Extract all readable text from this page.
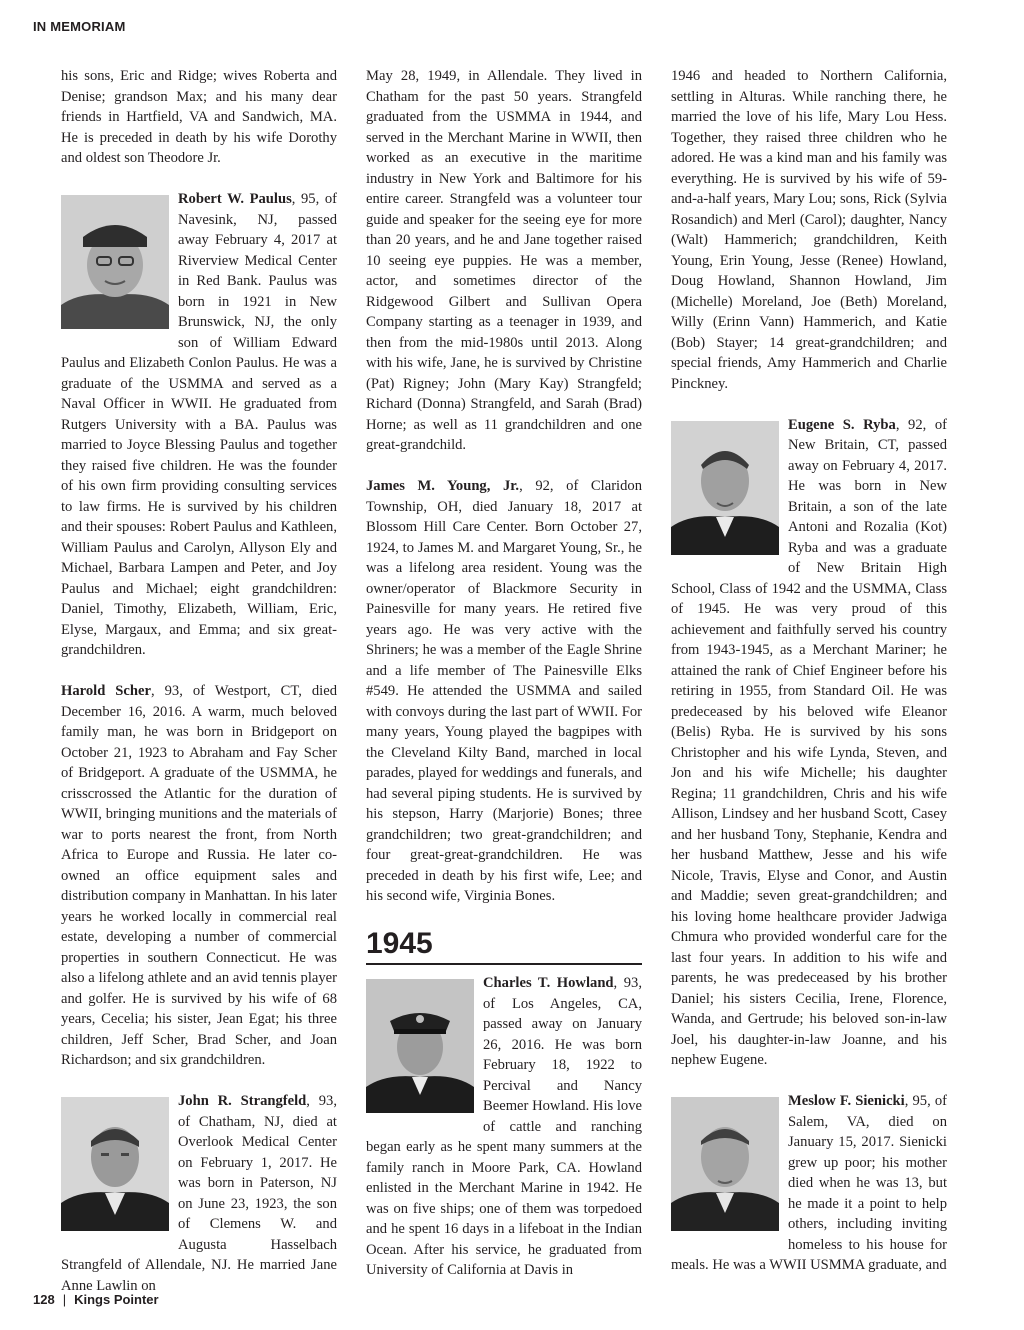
IN MEMORIAM

his sons, Eric and Ridge; wives Roberta and Denise; grandson Max; and his many dear friends in Hartfield, VA and Sandwich, MA. He is preceded in death by his wife Dorothy and oldest son Theodore Jr.

Robert W. Paulus, 95, of Navesink, NJ, passed away February 4, 2017 at Riverview Medical Center in Red Bank. Paulus was born in 1921 in New Brunswick, NJ, the only son of William Edward Paulus and Elizabeth Conlon Paulus. He was a graduate of the USMMA and served as a Naval Officer in WWII. He graduated from Rutgers University with a BA. Paulus was married to Joyce Blessing Paulus and together they raised five children. He was the founder of his own firm providing consulting services to law firms. He is survived by his children and their spouses: Robert Paulus and Kathleen, William Paulus and Carolyn, Allyson Ely and Michael, Barbara Lampen and Peter, and Joy Paulus and Michael; eight grandchildren: Daniel, Timothy, Elizabeth, William, Eric, Elyse, Margaux, and Emma; and six great-grandchildren.

Harold Scher, 93, of Westport, CT, died December 16, 2016. A warm, much beloved family man, he was born in Bridgeport on October 21, 1923 to Abraham and Fay Scher of Bridgeport. A graduate of the USMMA, he crisscrossed the Atlantic for the duration of WWII, bringing munitions and the materials of war to ports nearest the front, from North Africa to Europe and Russia. He later co-owned an office equipment sales and distribution company in Manhattan. In his later years he worked locally in commercial real estate, developing a number of commercial properties in southern Connecticut. He was also a lifelong athlete and an avid tennis player and golfer. He is survived by his wife of 68 years, Cecelia; his sister, Jean Egat; his three children, Jeff Scher, Brad Scher, and Joan Richardson; and six grandchildren.

John R. Strangfeld, 93, of Chatham, NJ, died at Overlook Medical Center on February 1, 2017. He was born in Paterson, NJ on June 23, 1923, the son of Clemens W. and Augusta Hasselbach Strangfeld of Allendale, NJ. He married Jane Anne Lawlin on

May 28, 1949, in Allendale. They lived in Chatham for the past 50 years. Strangfeld graduated from the USMMA in 1944, and served in the Merchant Marine in WWII, then worked as an executive in the maritime industry in New York and Baltimore for his entire career. Strangfeld was a volunteer tour guide and speaker for the seeing eye for more than 20 years, and he and Jane together raised 10 seeing eye puppies. He was a member, actor, and sometimes director of the Ridgewood Gilbert and Sullivan Opera Company starting as a teenager in 1939, and then from the mid-1980s until 2013. Along with his wife, Jane, he is survived by Christine (Pat) Rigney; John (Mary Kay) Strangfeld; Richard (Donna) Strangfeld, and Sarah (Brad) Horne; as well as 11 grandchildren and one great-grandchild.

James M. Young, Jr., 92, of Claridon Township, OH, died January 18, 2017 at Blossom Hill Care Center. Born October 27, 1924, to James M. and Margaret Young, Sr., he was a lifelong area resident. Young was the owner/operator of Blackmore Security in Painesville for many years. He retired five years ago. He was very active with the Shriners; he was a member of the Eagle Shrine and a life member of The Painesville Elks #549. He attended the USMMA and sailed with convoys during the last part of WWII. For many years, Young played the bagpipes with the Cleveland Kilty Band, marched in local parades, played for weddings and funerals, and had several piping students. He is survived by his stepson, Harry (Marjorie) Bones; three grandchildren; two great-grandchildren; and four great-great-grandchildren. He was preceded in death by his first wife, Lee; and his second wife, Virginia Bones.

1945

Charles T. Howland, 93, of Los Angeles, CA, passed away on January 26, 2016. He was born February 18, 1922 to Percival and Nancy Beemer Howland. His love of cattle and ranching began early as he spent many summers at the family ranch in Moore Park, CA. Howland enlisted in the Merchant Marine in 1942. He was on five ships; one of them was torpedoed and he spent 16 days in a lifeboat in the Indian Ocean. After his service, he graduated from University of California at Davis in

1946 and headed to Northern California, settling in Alturas. While ranching there, he married the love of his life, Mary Lou Hess. Together, they raised three children who he adored. He was a kind man and his family was everything. He is survived by his wife of 59-and-a-half years, Mary Lou; sons, Rick (Sylvia Rosandich) and Merl (Carol); daughter, Nancy (Walt) Hammerich; grandchildren, Keith Young, Erin Young, Jesse (Renee) Howland, Doug Howland, Shannon Howland, Jim (Michelle) Moreland, Joe (Beth) Moreland, Willy (Erinn Vann) Hammerich, and Katie (Bob) Stayer; 14 great-grandchildren; and special friends, Amy Hammerich and Charlie Pinckney.

Eugene S. Ryba, 92, of New Britain, CT, passed away on February 4, 2017. He was born in New Britain, a son of the late Antoni and Rozalia (Kot) Ryba and was a graduate of New Britain High School, Class of 1942 and the USMMA, Class of 1945. He was very proud of this achievement and faithfully served his country from 1943-1945, as a Merchant Mariner; he attained the rank of Chief Engineer before his retiring in 1955, from Standard Oil. He was predeceased by his beloved wife Eleanor (Belis) Ryba. He is survived by his sons Christopher and his wife Lynda, Steven, and Jon and his wife Michelle; his daughter Regina; 11 grandchildren, Chris and his wife Allison, Lindsey and her husband Scott, Casey and her husband Tony, Stephanie, Kendra and her husband Matthew, Jesse and his wife Nicole, Travis, Elyse and Conor, and Austin and Maddie; seven great-grandchildren; and his loving home healthcare provider Jadwiga Chmura who provided wonderful care for the last four years. In addition to his wife and parents, he was predeceased by his brother Daniel; his sisters Cecilia, Irene, Florence, Wanda, and Gertrude; his beloved son-in-law Joel, his daughter-in-law Joanne, and his nephew Eugene.

Meslow F. Sienicki, 95, of Salem, VA, died on January 15, 2017. Sienicki grew up poor; his mother died when he was 13, but he made it a point to help others, including inviting homeless to his house for meals. He was a WWII USMMA graduate, and

128 | Kings Pointer
